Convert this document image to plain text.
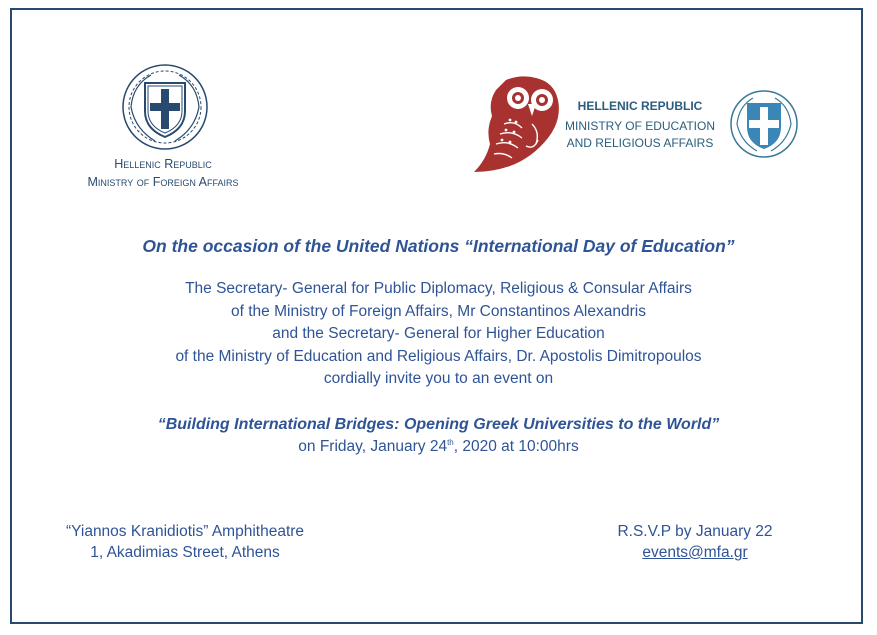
Hellenic Republic
Ministry of Foreign Affairs
HELLENIC REPUBLIC
MINISTRY OF EDUCATION
AND RELIGIOUS AFFAIRS
On the occasion of the United Nations “International Day of Education”
The Secretary- General for Public Diplomacy, Religious & Consular Affairs
of the Ministry of Foreign Affairs, Mr Constantinos Alexandris
and the Secretary- General for Higher Education
of the Ministry of Education and Religious Affairs, Dr. Apostolis Dimitropoulos
cordially invite you to an event on
“Building International Bridges: Opening Greek Universities to the World”
on Friday, January 24th, 2020 at 10:00hrs
“Yiannos Kranidiotis” Amphitheatre
1, Akadimias Street, Athens
R.S.V.P by January 22
events@mfa.gr
